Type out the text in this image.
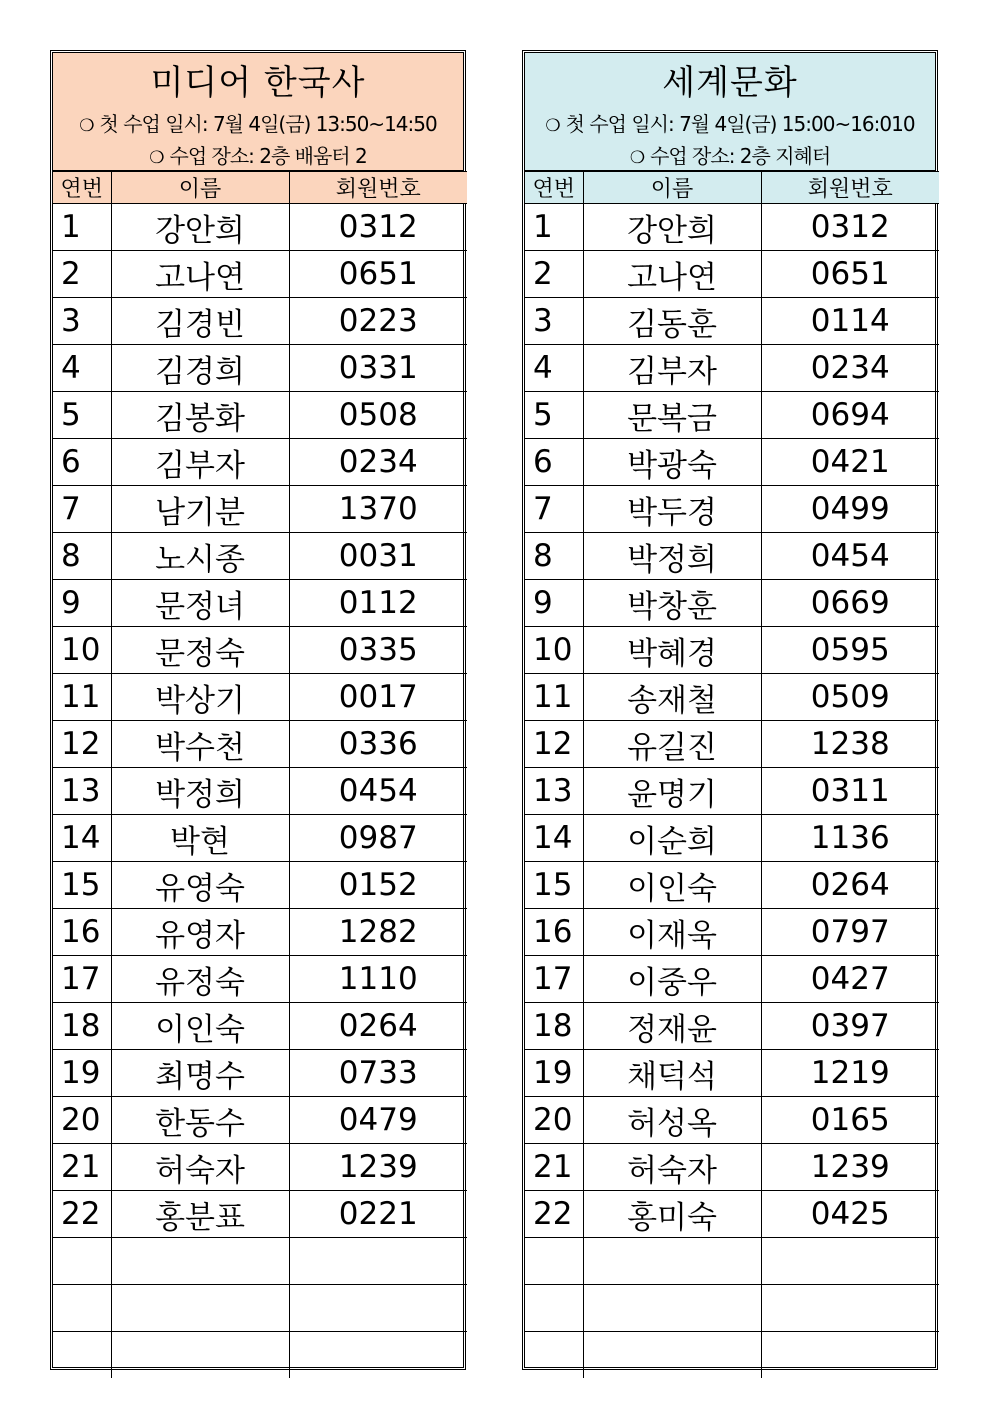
미디어 한국사
❍ 첫 수업 일시: 7월 4일(금) 13:50~14:50
❍ 수업 장소: 2층 배움터 2
연번	이름	회원번호
1	강안희	0312
2	고나연	0651
3	김경빈	0223
4	김경희	0331
5	김봉화	0508
6	김부자	0234
7	남기분	1370
8	노시종	0031
9	문정녀	0112
10	문정숙	0335
11	박상기	0017
12	박수천	0336
13	박정희	0454
14	박현	0987
15	유영숙	0152
16	유영자	1282
17	유정숙	1110
18	이인숙	0264
19	최명수	0733
20	한동수	0479
21	허숙자	1239
22	홍분표	0221

세계문화
❍ 첫 수업 일시: 7월 4일(금) 15:00~16:010
❍ 수업 장소: 2층 지혜터
연번	이름	회원번호
1	강안희	0312
2	고나연	0651
3	김동훈	0114
4	김부자	0234
5	문복금	0694
6	박광숙	0421
7	박두경	0499
8	박정희	0454
9	박창훈	0669
10	박혜경	0595
11	송재철	0509
12	유길진	1238
13	윤명기	0311
14	이순희	1136
15	이인숙	0264
16	이재욱	0797
17	이중우	0427
18	정재윤	0397
19	채덕석	1219
20	허성옥	0165
21	허숙자	1239
22	홍미숙	0425
